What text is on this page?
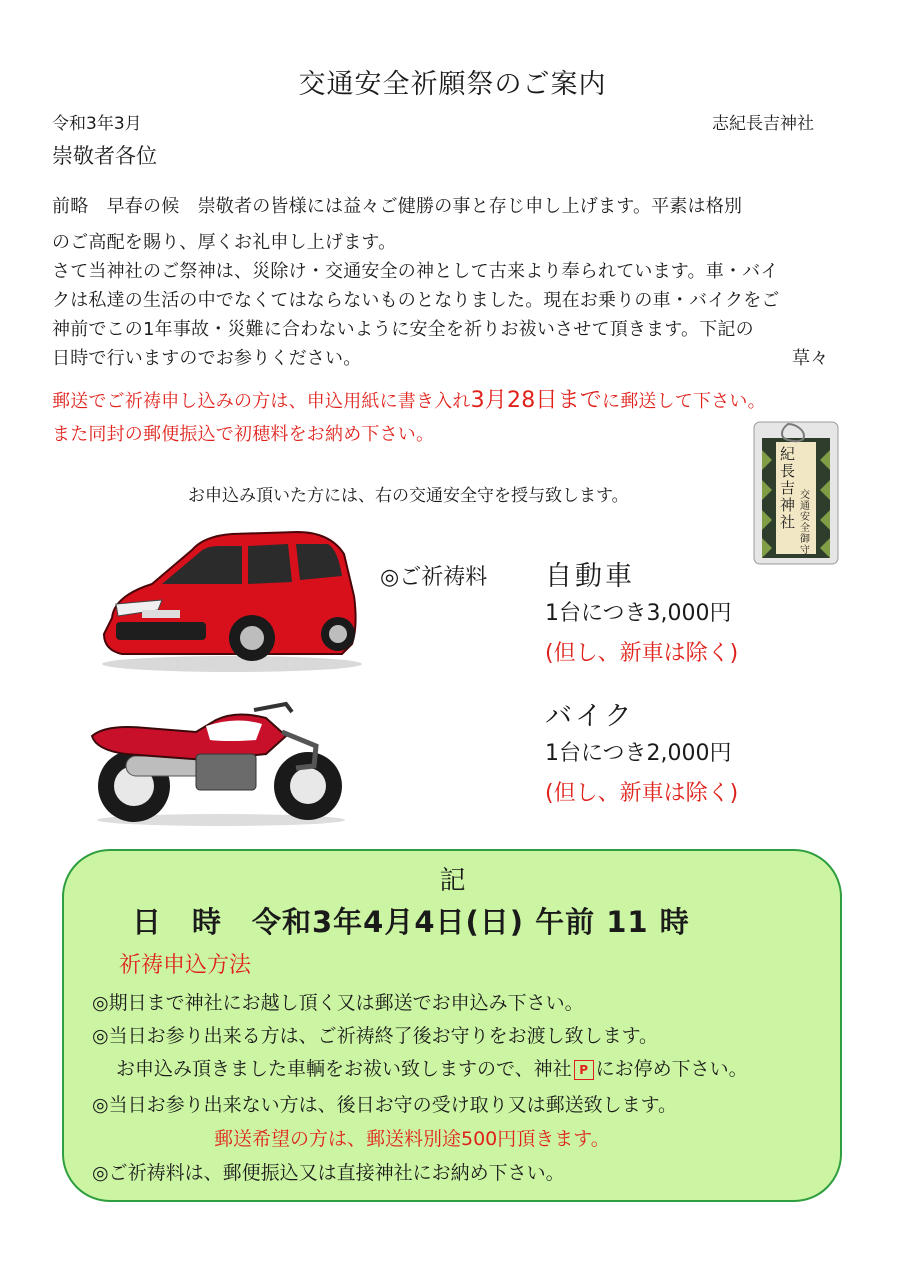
交通安全祈願祭のご案内
令和3年3月	志紀長吉神社
崇敬者各位
前略　早春の候　崇敬者の皆様には益々ご健勝の事と存じ申し上げます。平素は格別
のご高配を賜り、厚くお礼申し上げます。
さて当神社のご祭神は、災除け・交通安全の神として古来より奉られています。車・バイ
クは私達の生活の中でなくてはならないものとなりました。現在お乗りの車・バイクをご
神前でこの1年事故・災難に合わないように安全を祈りお祓いさせて頂きます。下記の
日時で行いますのでお参りください。	草々
郵送でご祈祷申し込みの方は、申込用紙に書き入れ3月28日までに郵送して下さい。
また同封の郵便振込で初穂料をお納め下さい。
お申込み頂いた方には、右の交通安全守を授与致します。
紀長吉神社
交通安全御守
◎ご祈祷料 自動車
1台につき3,000円
(但し、新車は除く)
バイク
1台につき2,000円
(但し、新車は除く)
記
日　時　令和3年4月4日(日) 午前 11 時
祈祷申込方法
◎期日まで神社にお越し頂く又は郵送でお申込み下さい。
◎当日お参り出来る方は、ご祈祷終了後お守りをお渡し致します。
お申込み頂きました車輌をお祓い致しますので、神社 P にお停め下さい。
◎当日お参り出来ない方は、後日お守の受け取り又は郵送致します。
郵送希望の方は、郵送料別途500円頂きます。
◎ご祈祷料は、郵便振込又は直接神社にお納め下さい。
